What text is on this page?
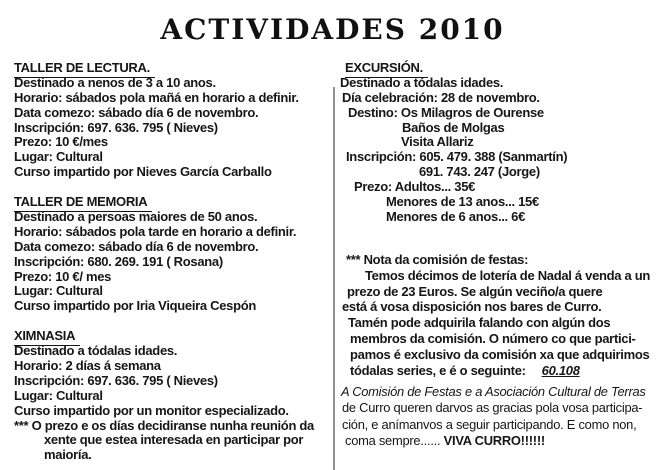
ACTIVIDADES 2010
TALLER DE LECTURA.
Destinado a nenos de 3 a 10 anos.
Horario: sábados pola mañá en horario a definir.
Data comezo: sábado día 6 de novembro.
Inscripción: 697. 636. 795 ( Nieves)
Prezo: 10 €/mes
Lugar: Cultural
Curso impartido por Nieves García Carballo
TALLER DE MEMORIA
Destinado a persoas maiores de 50 anos.
Horario: sábados pola tarde en horario a definir.
Data comezo: sábado día 6 de novembro.
Inscripción: 680. 269. 191 ( Rosana)
Prezo: 10 €/ mes
Lugar: Cultural
Curso impartido por Iria Viqueira Cespón
XIMNASIA
Destinado a tódalas idades.
Horario: 2 días á semana
Inscripción: 697. 636. 795 ( Nieves)
Lugar: Cultural
Curso impartido por un monitor especializado.
*** O prezo e os días decidiranse nunha reunión da
xente que estea interesada en participar por
maioría.
EXCURSIÓN.
Destinado a tódalas idades.
Día celebración: 28 de novembro.
Destino: Os Milagros de Ourense
Baños de Molgas
Visita Allariz
Inscripción: 605. 479. 388 (Sanmartín)
691. 743. 247 (Jorge)
Prezo: Adultos... 35€
Menores de 13 anos... 15€
Menores de 6 anos... 6€
*** Nota da comisión de festas:
Temos décimos de lotería de Nadal á venda a un
prezo de 23 Euros. Se algún veciño/a quere
está á vosa disposición nos bares de Curro.
Tamén pode adquirila falando con algún dos
membros da comisión. O número co que partici-
pamos é exclusivo da comisión xa que adquirimos
tódalas series, e é o seguinte: 60.108
A Comisión de Festas e a Asociación Cultural de Terras
de Curro queren darvos as gracias pola vosa participa-
ción, e anímanvos a seguir participando. E como non,
coma sempre...... VIVA CURRO!!!!!!
